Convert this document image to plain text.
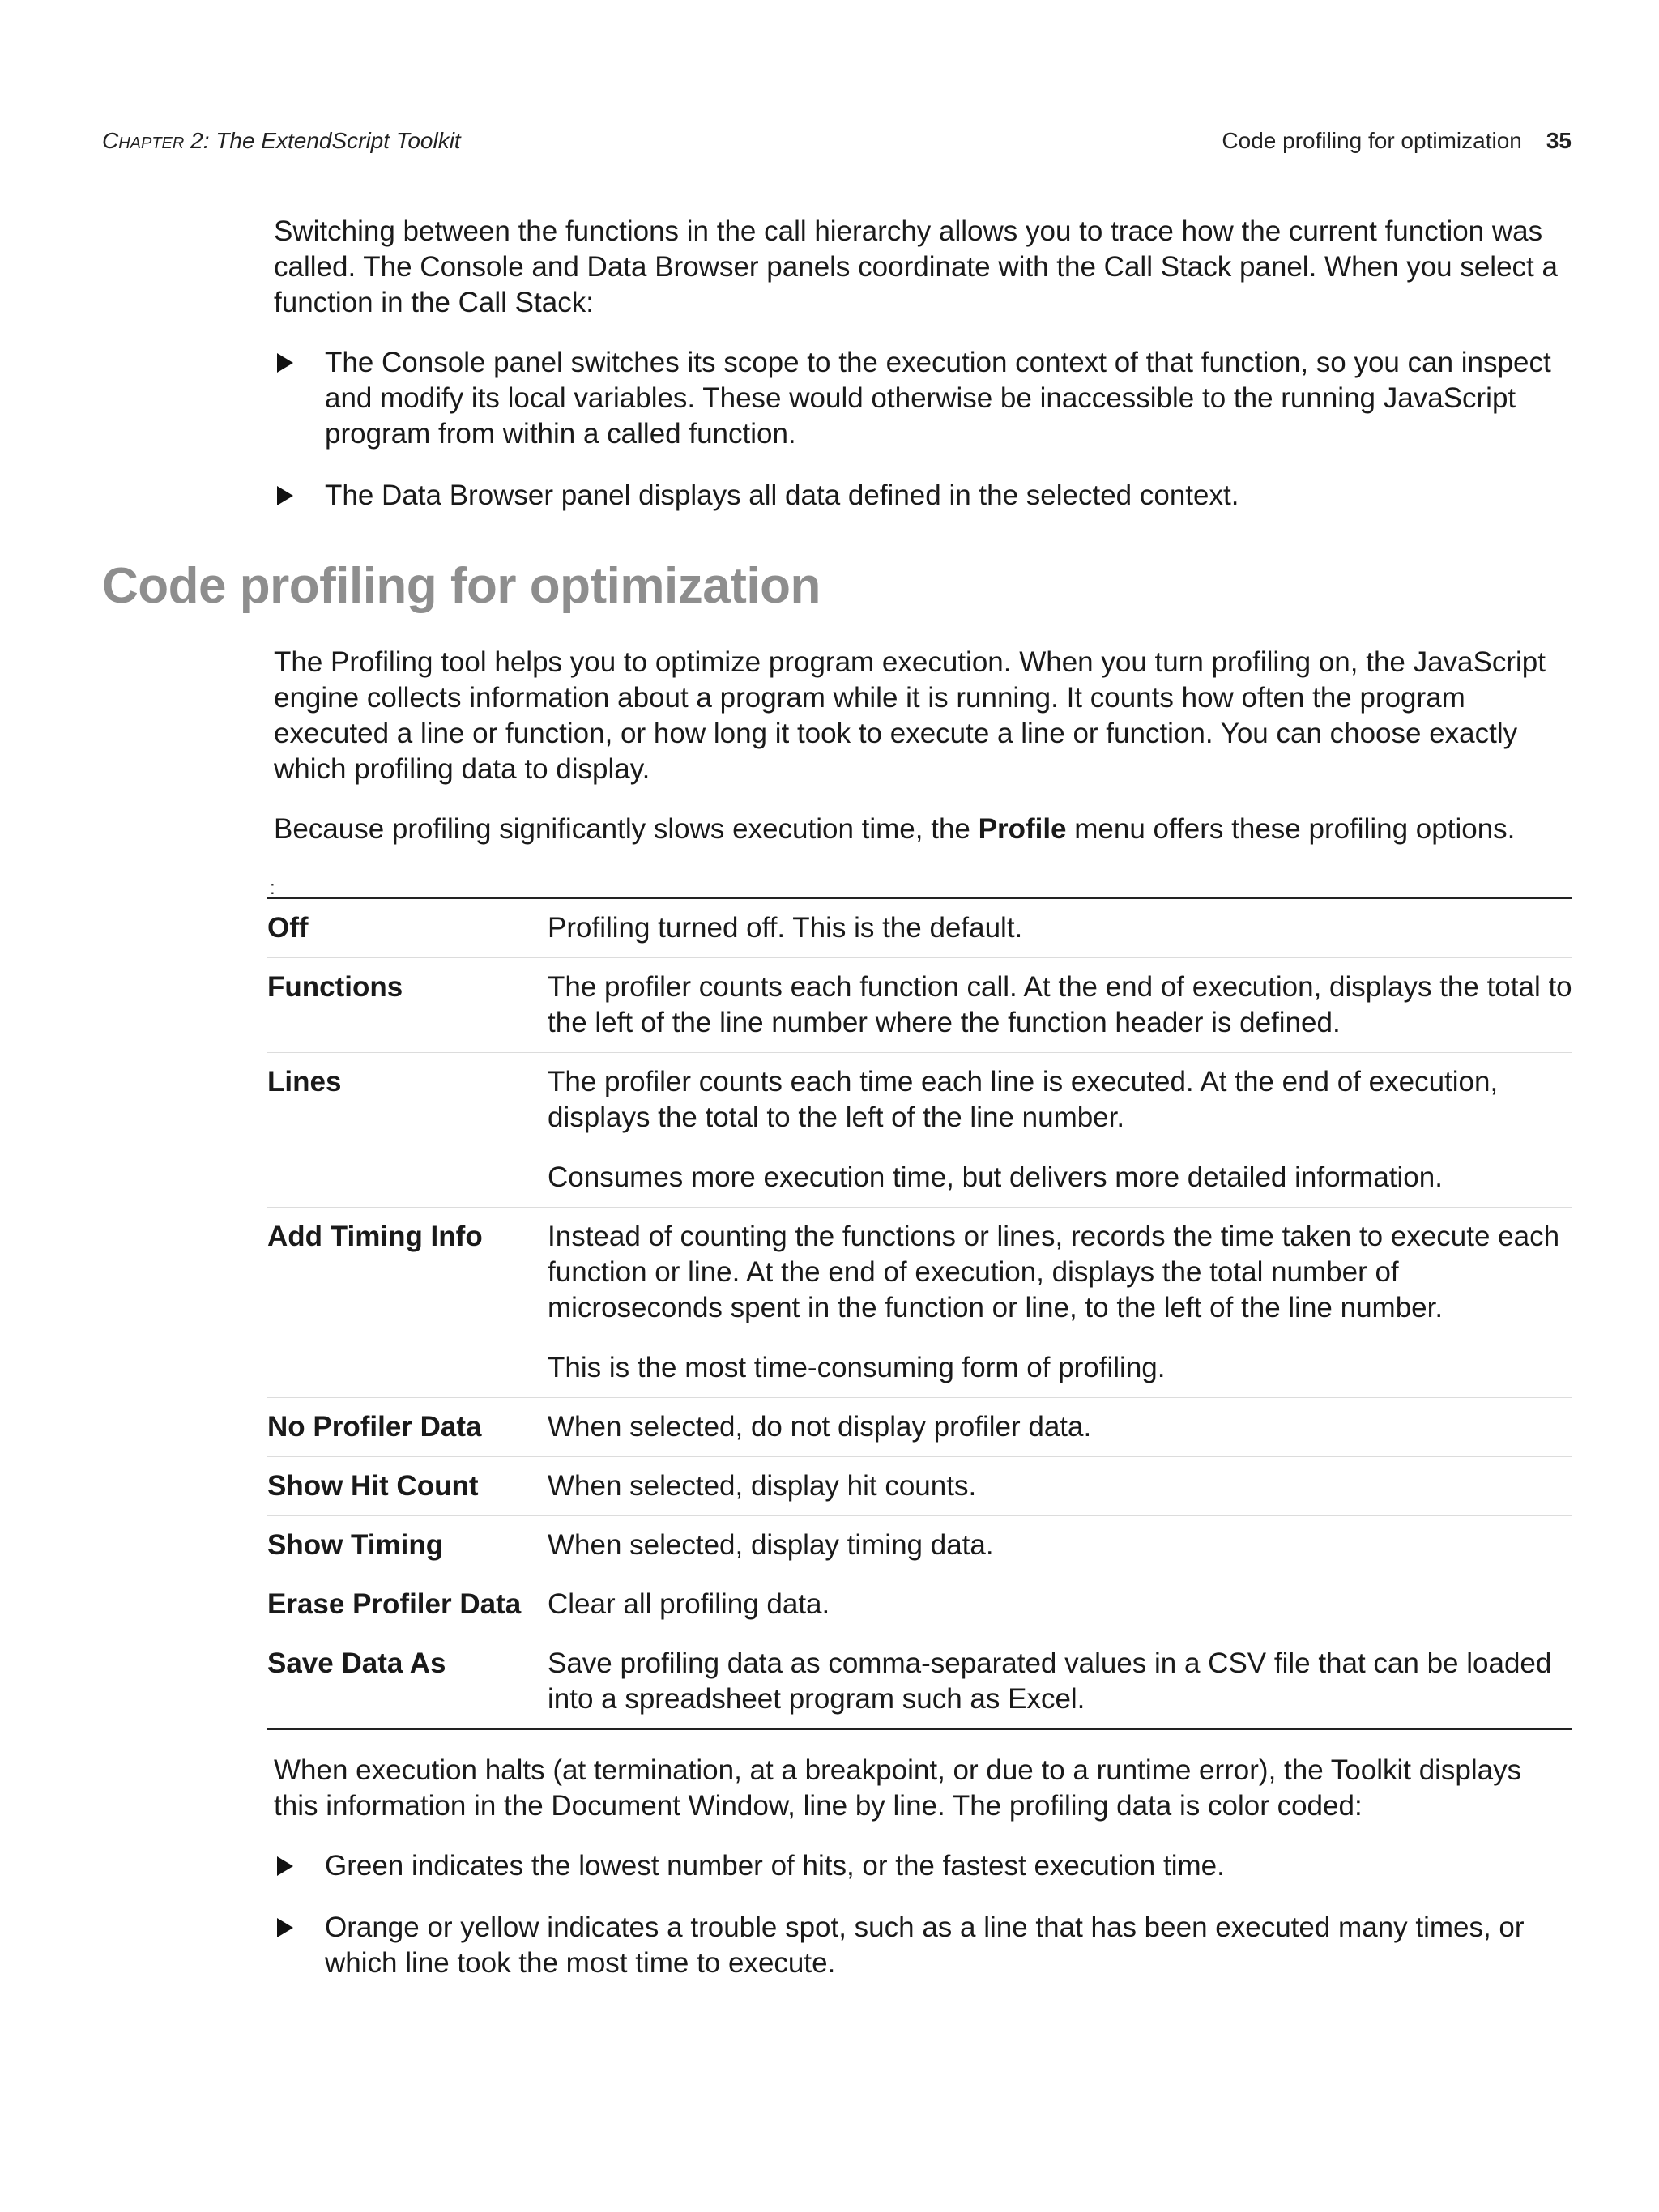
Chapter 2: The ExtendScript Toolkit	Code profiling for optimization 35

Switching between the functions in the call hierarchy allows you to trace how the current function was called. The Console and Data Browser panels coordinate with the Call Stack panel. When you select a function in the Call Stack:

The Console panel switches its scope to the execution context of that function, so you can inspect and modify its local variables. These would otherwise be inaccessible to the running JavaScript program from within a called function.
The Data Browser panel displays all data defined in the selected context.
Code profiling for optimization

The Profiling tool helps you to optimize program execution. When you turn profiling on, the JavaScript engine collects information about a program while it is running. It counts how often the program executed a line or function, or how long it took to execute a line or function. You can choose exactly which profiling data to display.

Because profiling significantly slows execution time, the Profile menu offers these profiling options.

:
Off	Profiling turned off. This is the default.

Functions	The profiler counts each function call. At the end of execution, displays the total to the left of the line number where the function header is defined.

Lines	The profiler counts each time each line is executed. At the end of execution, displays the total to the left of the line number.

Consumes more execution time, but delivers more detailed information.

Add Timing Info	Instead of counting the functions or lines, records the time taken to execute each function or line. At the end of execution, displays the total number of microseconds spent in the function or line, to the left of the line number.

This is the most time-consuming form of profiling.

No Profiler Data	When selected, do not display profiler data.

Show Hit Count	When selected, display hit counts.

Show Timing	When selected, display timing data.

Erase Profiler Data	Clear all profiling data.

Save Data As	Save profiling data as comma-separated values in a CSV file that can be loaded into a spreadsheet program such as Excel.

When execution halts (at termination, at a breakpoint, or due to a runtime error), the Toolkit displays this information in the Document Window, line by line. The profiling data is color coded:

Green indicates the lowest number of hits, or the fastest execution time.
Orange or yellow indicates a trouble spot, such as a line that has been executed many times, or which line took the most time to execute.
